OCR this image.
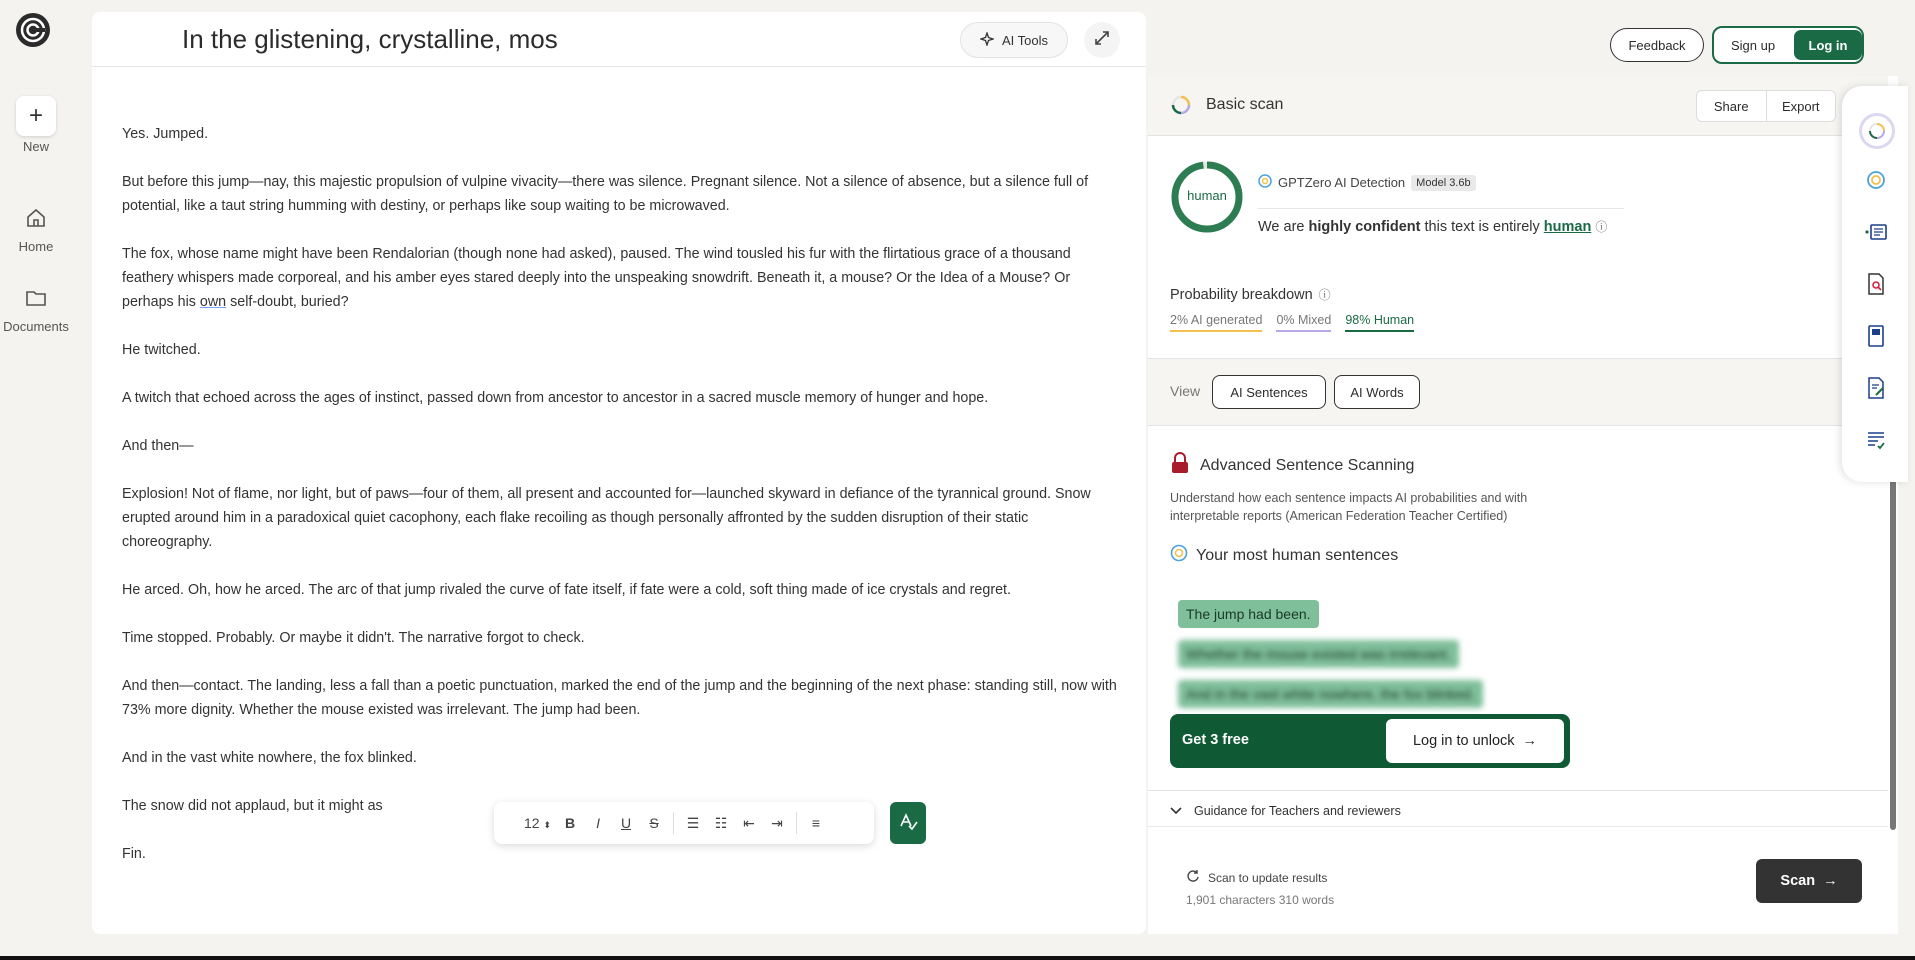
+
New
Home
Documents
In the glistening, crystalline, mos	AI Tools

Yes. Jumped.

But before this jump—nay, this majestic propulsion of vulpine vivacity—there was silence. Pregnant silence. Not a silence of absence, but a silence full of potential, like a taut string humming with destiny, or perhaps like soup waiting to be microwaved.

The fox, whose name might have been Rendalorian (though none had asked), paused. The wind tousled his fur with the flirtatious grace of a thousand feathery whispers made corporeal, and his amber eyes stared deeply into the unspeaking snowdrift. Beneath it, a mouse? Or the Idea of a Mouse? Or perhaps his own self-doubt, buried?

He twitched.

A twitch that echoed across the ages of instinct, passed down from ancestor to ancestor in a sacred muscle memory of hunger and hope.

And then—

Explosion! Not of flame, nor light, but of paws—four of them, all present and accounted for—launched skyward in defiance of the tyrannical ground. Snow erupted around him in a paradoxical quiet cacophony, each flake recoiling as though personally affronted by the sudden disruption of their static choreography.

He arced. Oh, how he arced. The arc of that jump rivaled the curve of fate itself, if fate were a cold, soft thing made of ice crystals and regret.

Time stopped. Probably. Or maybe it didn't. The narrative forgot to check.

And then—contact. The landing, less a fall than a poetic punctuation, marked the end of the jump and the beginning of the next phase: standing still, now with 73% more dignity. Whether the mouse existed was irrelevant. The jump had been.

And in the vast white nowhere, the fox blinked.

The snow did not applaud, but it might as

Fin.

12 ⬍ B	I	U	S	☰ ☷ ⇤ ⇥	≡
Feedback	Sign up	Log in
Basic scan	Share	Export
human
GPTZero AI Detection	Model 3.6b
We are highly confident this text is entirely human ⓘ
Probability breakdown ⓘ
2% AI generated 0% Mixed 98% Human
View	AI Sentences	AI Words
Advanced Sentence Scanning
Understand how each sentence impacts AI probabilities and with interpretable reports (American Federation Teacher Certified)
Your most human sentences
The jump had been.
Whether the mouse existed was irrelevant.
And in the vast white nowhere, the fox blinked.
Get 3 free	Log in to unlock →
Guidance for Teachers and reviewers
Scan to update results
1,901 characters 310 words
Scan →
